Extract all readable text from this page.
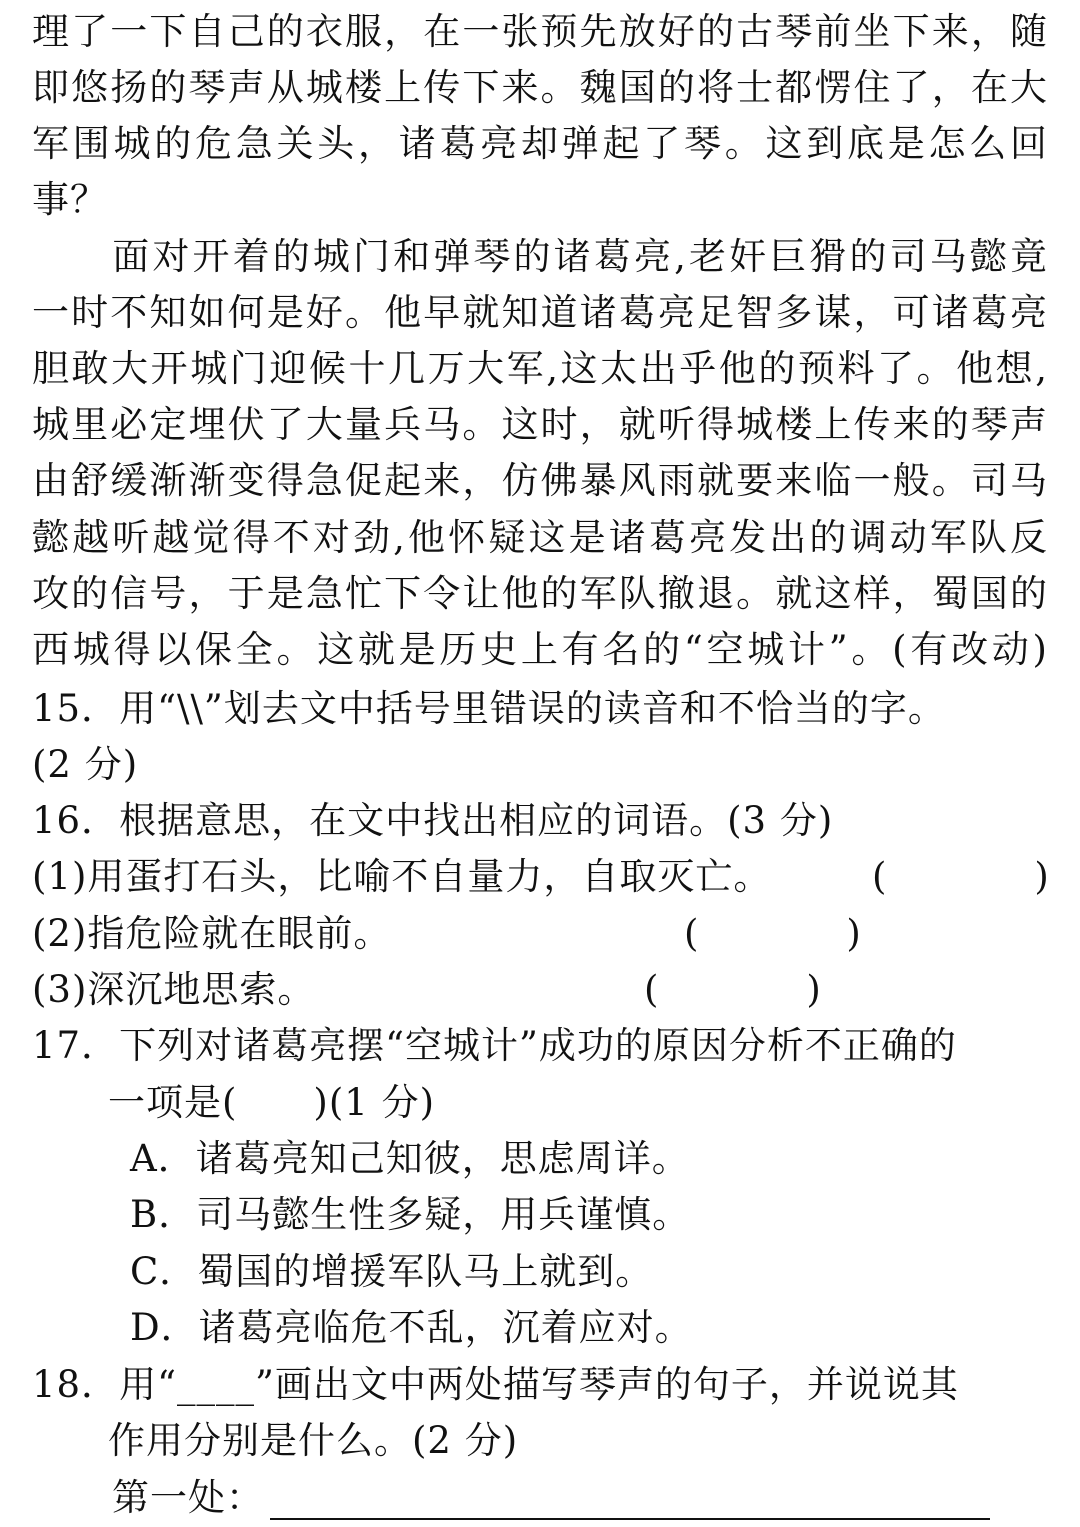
理了一下自己的衣服，在一张预先放好的古琴前坐下来，随
即悠扬的琴声从城楼上传下来。魏国的将士都愣住了，在大
军围城的危急关头，诸葛亮却弹起了琴。这到底是怎么回
事？
　　面对开着的城门和弹琴的诸葛亮,老奸巨猾的司马懿竟
一时不知如何是好。他早就知道诸葛亮足智多谋，可诸葛亮
胆敢大开城门迎候十几万大军,这太出乎他的预料了。他想,
城里必定埋伏了大量兵马。这时，就听得城楼上传来的琴声
由舒缓渐渐变得急促起来，仿佛暴风雨就要来临一般。司马
懿越听越觉得不对劲,他怀疑这是诸葛亮发出的调动军队反
攻的信号，于是急忙下令让他的军队撤退。就这样，蜀国的
西城得以保全。这就是历史上有名的“空城计”。(有改动)
15．用“\\”划去文中括号里错误的读音和不恰当的字。
(2 分)
16．根据意思，在文中找出相应的词语。(3 分)
(1)用蛋打石头，比喻不自量力，自取灭亡。	(　　　　)
(2)指危险就在眼前。	(　　　　)
(3)深沉地思索。	(　　　　)
17．下列对诸葛亮摆“空城计”成功的原因分析不正确的
　　一项是(　　)(1 分)
A．诸葛亮知己知彼，思虑周详。
B．司马懿生性多疑，用兵谨慎。
C．蜀国的增援军队马上就到。
D．诸葛亮临危不乱，沉着应对。
18．用“____”画出文中两处描写琴声的句子，并说说其
　　作用分别是什么。(2 分)
第一处：
